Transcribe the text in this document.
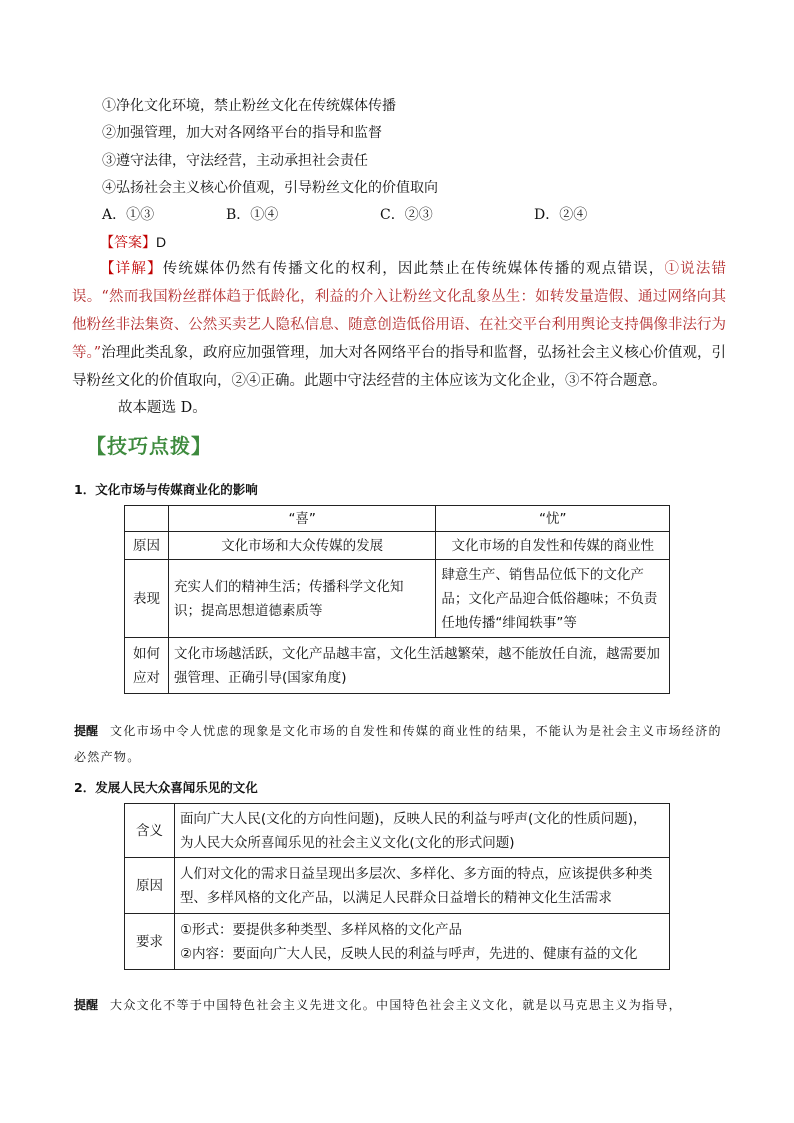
①净化文化环境，禁止粉丝文化在传统媒体传播
②加强管理，加大对各网络平台的指导和监督
③遵守法律，守法经营，主动承担社会责任
④弘扬社会主义核心价值观，引导粉丝文化的价值取向
A．①③	B．①④	C．②③	D．②④
【答案】D
【详解】传统媒体仍然有传播文化的权利，因此禁止在传统媒体传播的观点错误，①说法错误。“然而我国粉丝群体趋于低龄化，利益的介入让粉丝文化乱象丛生：如转发量造假、通过网络向其他粉丝非法集资、公然买卖艺人隐私信息、随意创造低俗用语、在社交平台利用舆论支持偶像非法行为等。”治理此类乱象，政府应加强管理，加大对各网络平台的指导和监督，弘扬社会主义核心价值观，引导粉丝文化的价值取向，②④正确。此题中守法经营的主体应该为文化企业，③不符合题意。
故本题选 D。
【技巧点拨】
1．文化市场与传媒商业化的影响
	“喜”	“忧”
原因	文化市场和大众传媒的发展	文化市场的自发性和传媒的商业性
表现	充实人们的精神生活；传播科学文化知识；提高思想道德素质等	肆意生产、销售品位低下的文化产品；文化产品迎合低俗趣味；不负责任地传播“绯闻轶事”等
如何应对	文化市场越活跃，文化产品越丰富，文化生活越繁荣，越不能放任自流，越需要加强管理、正确引导(国家角度)	
提醒 文化市场中令人忧虑的现象是文化市场的自发性和传媒的商业性的结果，不能认为是社会主义市场经济的必然产物。
2．发展人民大众喜闻乐见的文化
含义	面向广大人民(文化的方向性问题)，反映人民的利益与呼声(文化的性质问题)，
为人民大众所喜闻乐见的社会主义文化(文化的形式问题)

原因	人们对文化的需求日益呈现出多层次、多样化、多方面的特点，应该提供多种类型、多样风格的文化产品，以满足人民群众日益增长的精神文化生活需求
要求	①形式：要提供多种类型、多样风格的文化产品
②内容：要面向广大人民，反映人民的利益与呼声，先进的、健康有益的文化
提醒 大众文化不等于中国特色社会主义先进文化。中国特色社会主义文化，就是以马克思主义为指导，
